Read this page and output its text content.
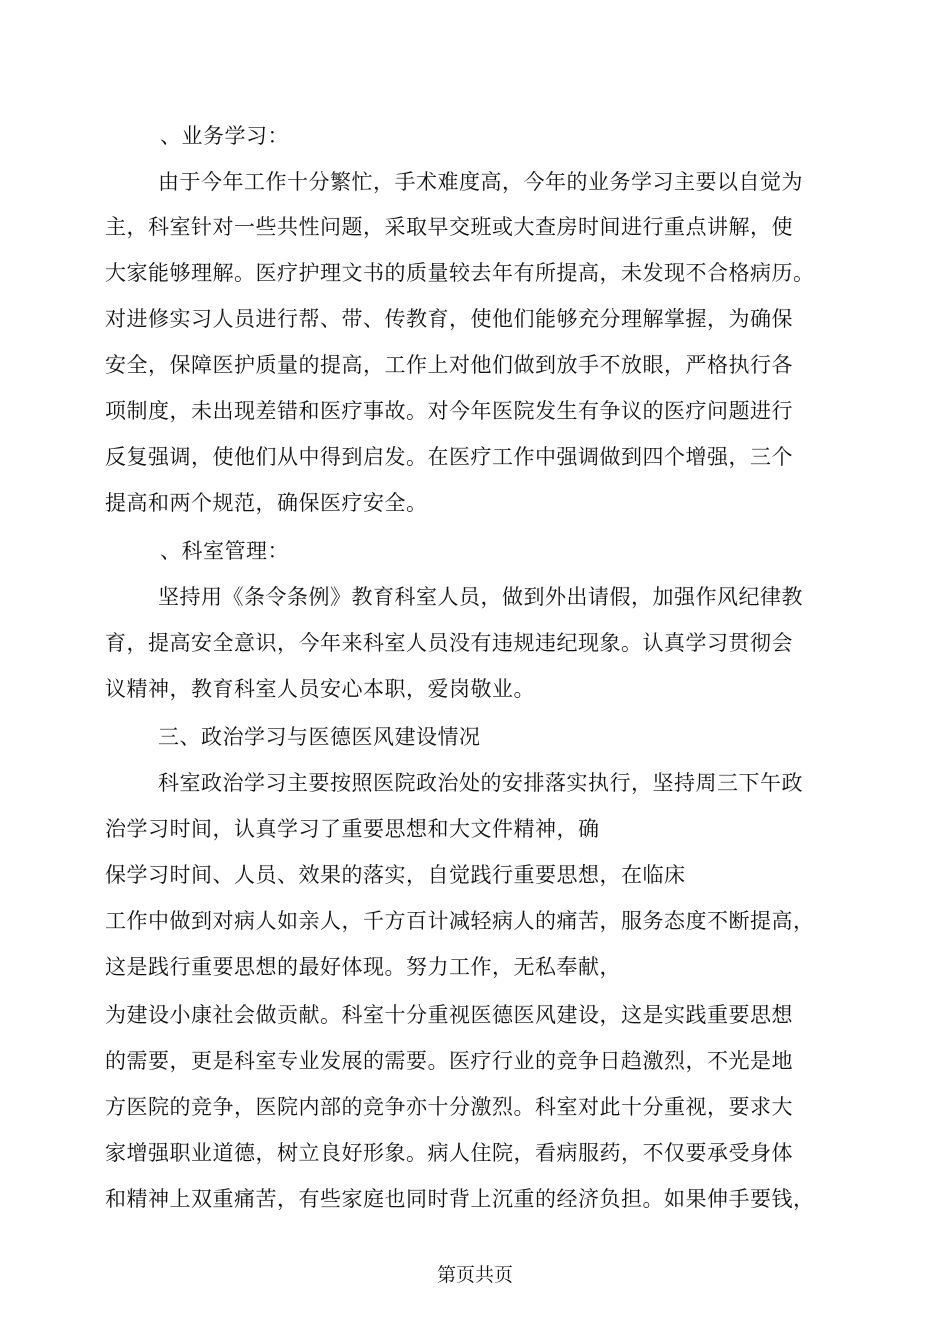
、业务学习：
由于今年工作十分繁忙，手术难度高，今年的业务学习主要以自觉为
主，科室针对一些共性问题，采取早交班或大查房时间进行重点讲解，使
大家能够理解。医疗护理文书的质量较去年有所提高，未发现不合格病历。
对进修实习人员进行帮、带、传教育，使他们能够充分理解掌握，为确保
安全，保障医护质量的提高，工作上对他们做到放手不放眼，严格执行各
项制度，未出现差错和医疗事故。对今年医院发生有争议的医疗问题进行
反复强调，使他们从中得到启发。在医疗工作中强调做到四个增强，三个
提高和两个规范，确保医疗安全。
、科室管理：
坚持用《条令条例》教育科室人员，做到外出请假，加强作风纪律教
育，提高安全意识，今年来科室人员没有违规违纪现象。认真学习贯彻会
议精神，教育科室人员安心本职，爱岗敬业。
三、政治学习与医德医风建设情况
科室政治学习主要按照医院政治处的安排落实执行，坚持周三下午政
治学习时间，认真学习了重要思想和大文件精神，确
保学习时间、人员、效果的落实，自觉践行重要思想，在临床
工作中做到对病人如亲人，千方百计减轻病人的痛苦，服务态度不断提高，
这是践行重要思想的最好体现。努力工作，无私奉献，
为建设小康社会做贡献。科室十分重视医德医风建设，这是实践重要思想
的需要，更是科室专业发展的需要。医疗行业的竞争日趋激烈，不光是地
方医院的竞争，医院内部的竞争亦十分激烈。科室对此十分重视，要求大
家增强职业道德，树立良好形象。病人住院，看病服药，不仅要承受身体
和精神上双重痛苦，有些家庭也同时背上沉重的经济负担。如果伸手要钱，
第页共页
